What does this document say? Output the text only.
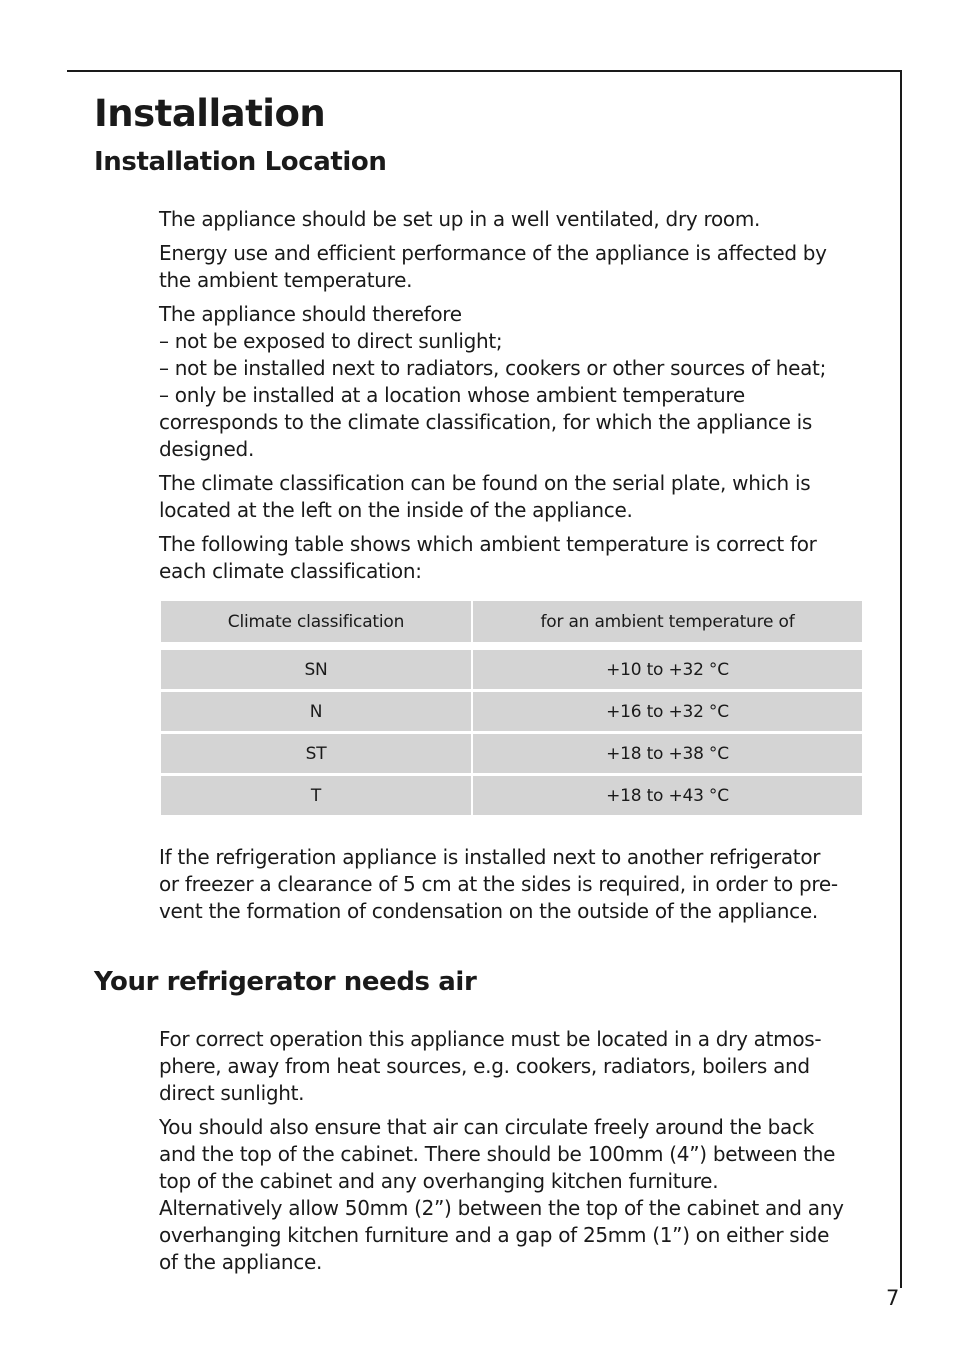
Installation
Installation Location

The appliance should be set up in a well ventilated, dry room.

Energy use and efficient performance of the appliance is affected by
the ambient temperature.

The appliance should therefore
– not be exposed to direct sunlight;
– not be installed next to radiators, cookers or other sources of heat;
– only be installed at a location whose ambient temperature
corresponds to the climate classification, for which the appliance is
designed.

The climate classification can be found on the serial plate, which is
located at the left on the inside of the appliance.

The following table shows which ambient temperature is correct for
each climate classification:

Climate classification	for an ambient temperature of

SN	+10 to +32 °C
N	+16 to +32 °C
ST	+18 to +38 °C
T	+18 to +43 °C

If the refrigeration appliance is installed next to another refrigerator
or freezer a clearance of 5 cm at the sides is required, in order to pre-
vent the formation of condensation on the outside of the appliance.

Your refrigerator needs air

For correct operation this appliance must be located in a dry atmos-
phere, away from heat sources, e.g. cookers, radiators, boilers and
direct sunlight.

You should also ensure that air can circulate freely around the back
and the top of the cabinet. There should be 100mm (4”) between the
top of the cabinet and any overhanging kitchen furniture.
Alternatively allow 50mm (2”) between the top of the cabinet and any
overhanging kitchen furniture and a gap of 25mm (1”) on either side
of the appliance.

7
